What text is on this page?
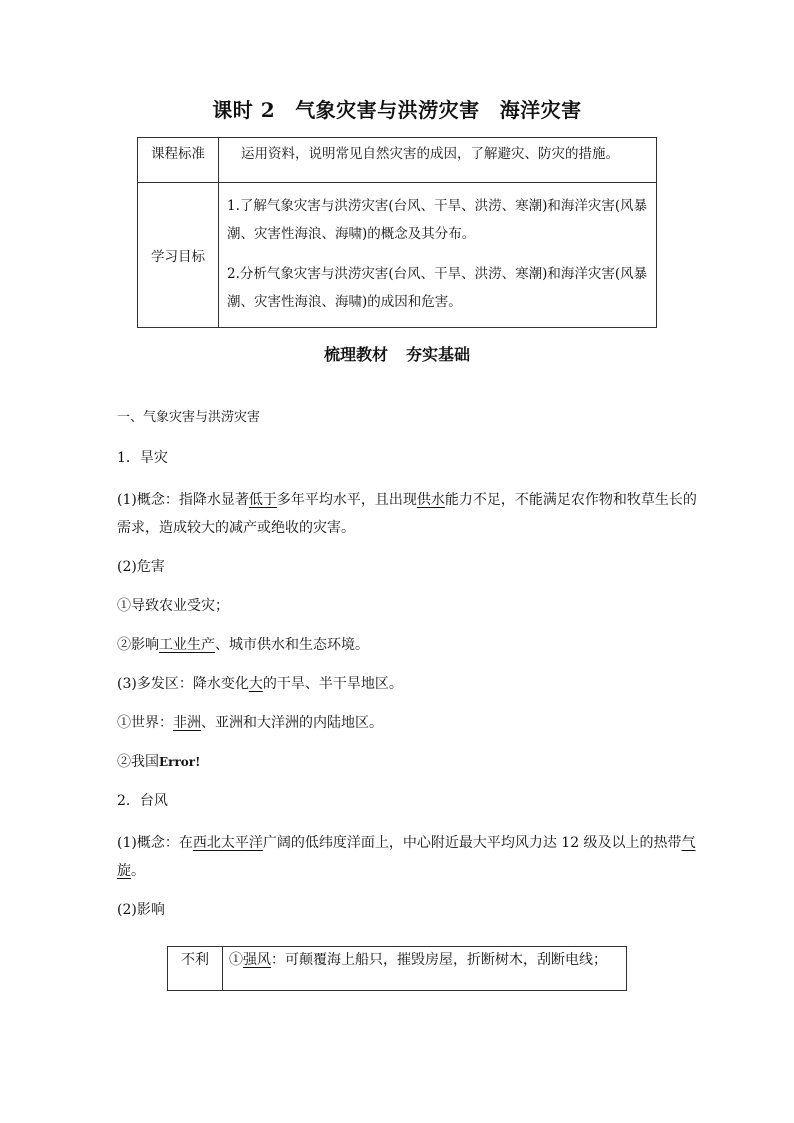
课时 2 气象灾害与洪涝灾害 海洋灾害
课程标准	运用资料，说明常见自然灾害的成因，了解避灾、防灾的措施。
学习目标	1.了解气象灾害与洪涝灾害(台风、干旱、洪涝、寒潮)和海洋灾害(风暴潮、灾害性海浪、海啸)的概念及其分布。

2.分析气象灾害与洪涝灾害(台风、干旱、洪涝、寒潮)和海洋灾害(风暴潮、灾害性海浪、海啸)的成因和危害。

梳理教材 夯实基础

一、气象灾害与洪涝灾害

1．旱灾

(1)概念：指降水显著低于多年平均水平，且出现供水能力不足，不能满足农作物和牧草生长的需求，造成较大的减产或绝收的灾害。

(2)危害

①导致农业受灾；

②影响工业生产、城市供水和生态环境。

(3)多发区：降水变化大的干旱、半干旱地区。

①世界：非洲、亚洲和大洋洲的内陆地区。

②我国Error!

2．台风

(1)概念：在西北太平洋广阔的低纬度洋面上，中心附近最大平均风力达 12 级及以上的热带气旋。

(2)影响

不利	①强风：可颠覆海上船只，摧毁房屋，折断树木，刮断电线；
